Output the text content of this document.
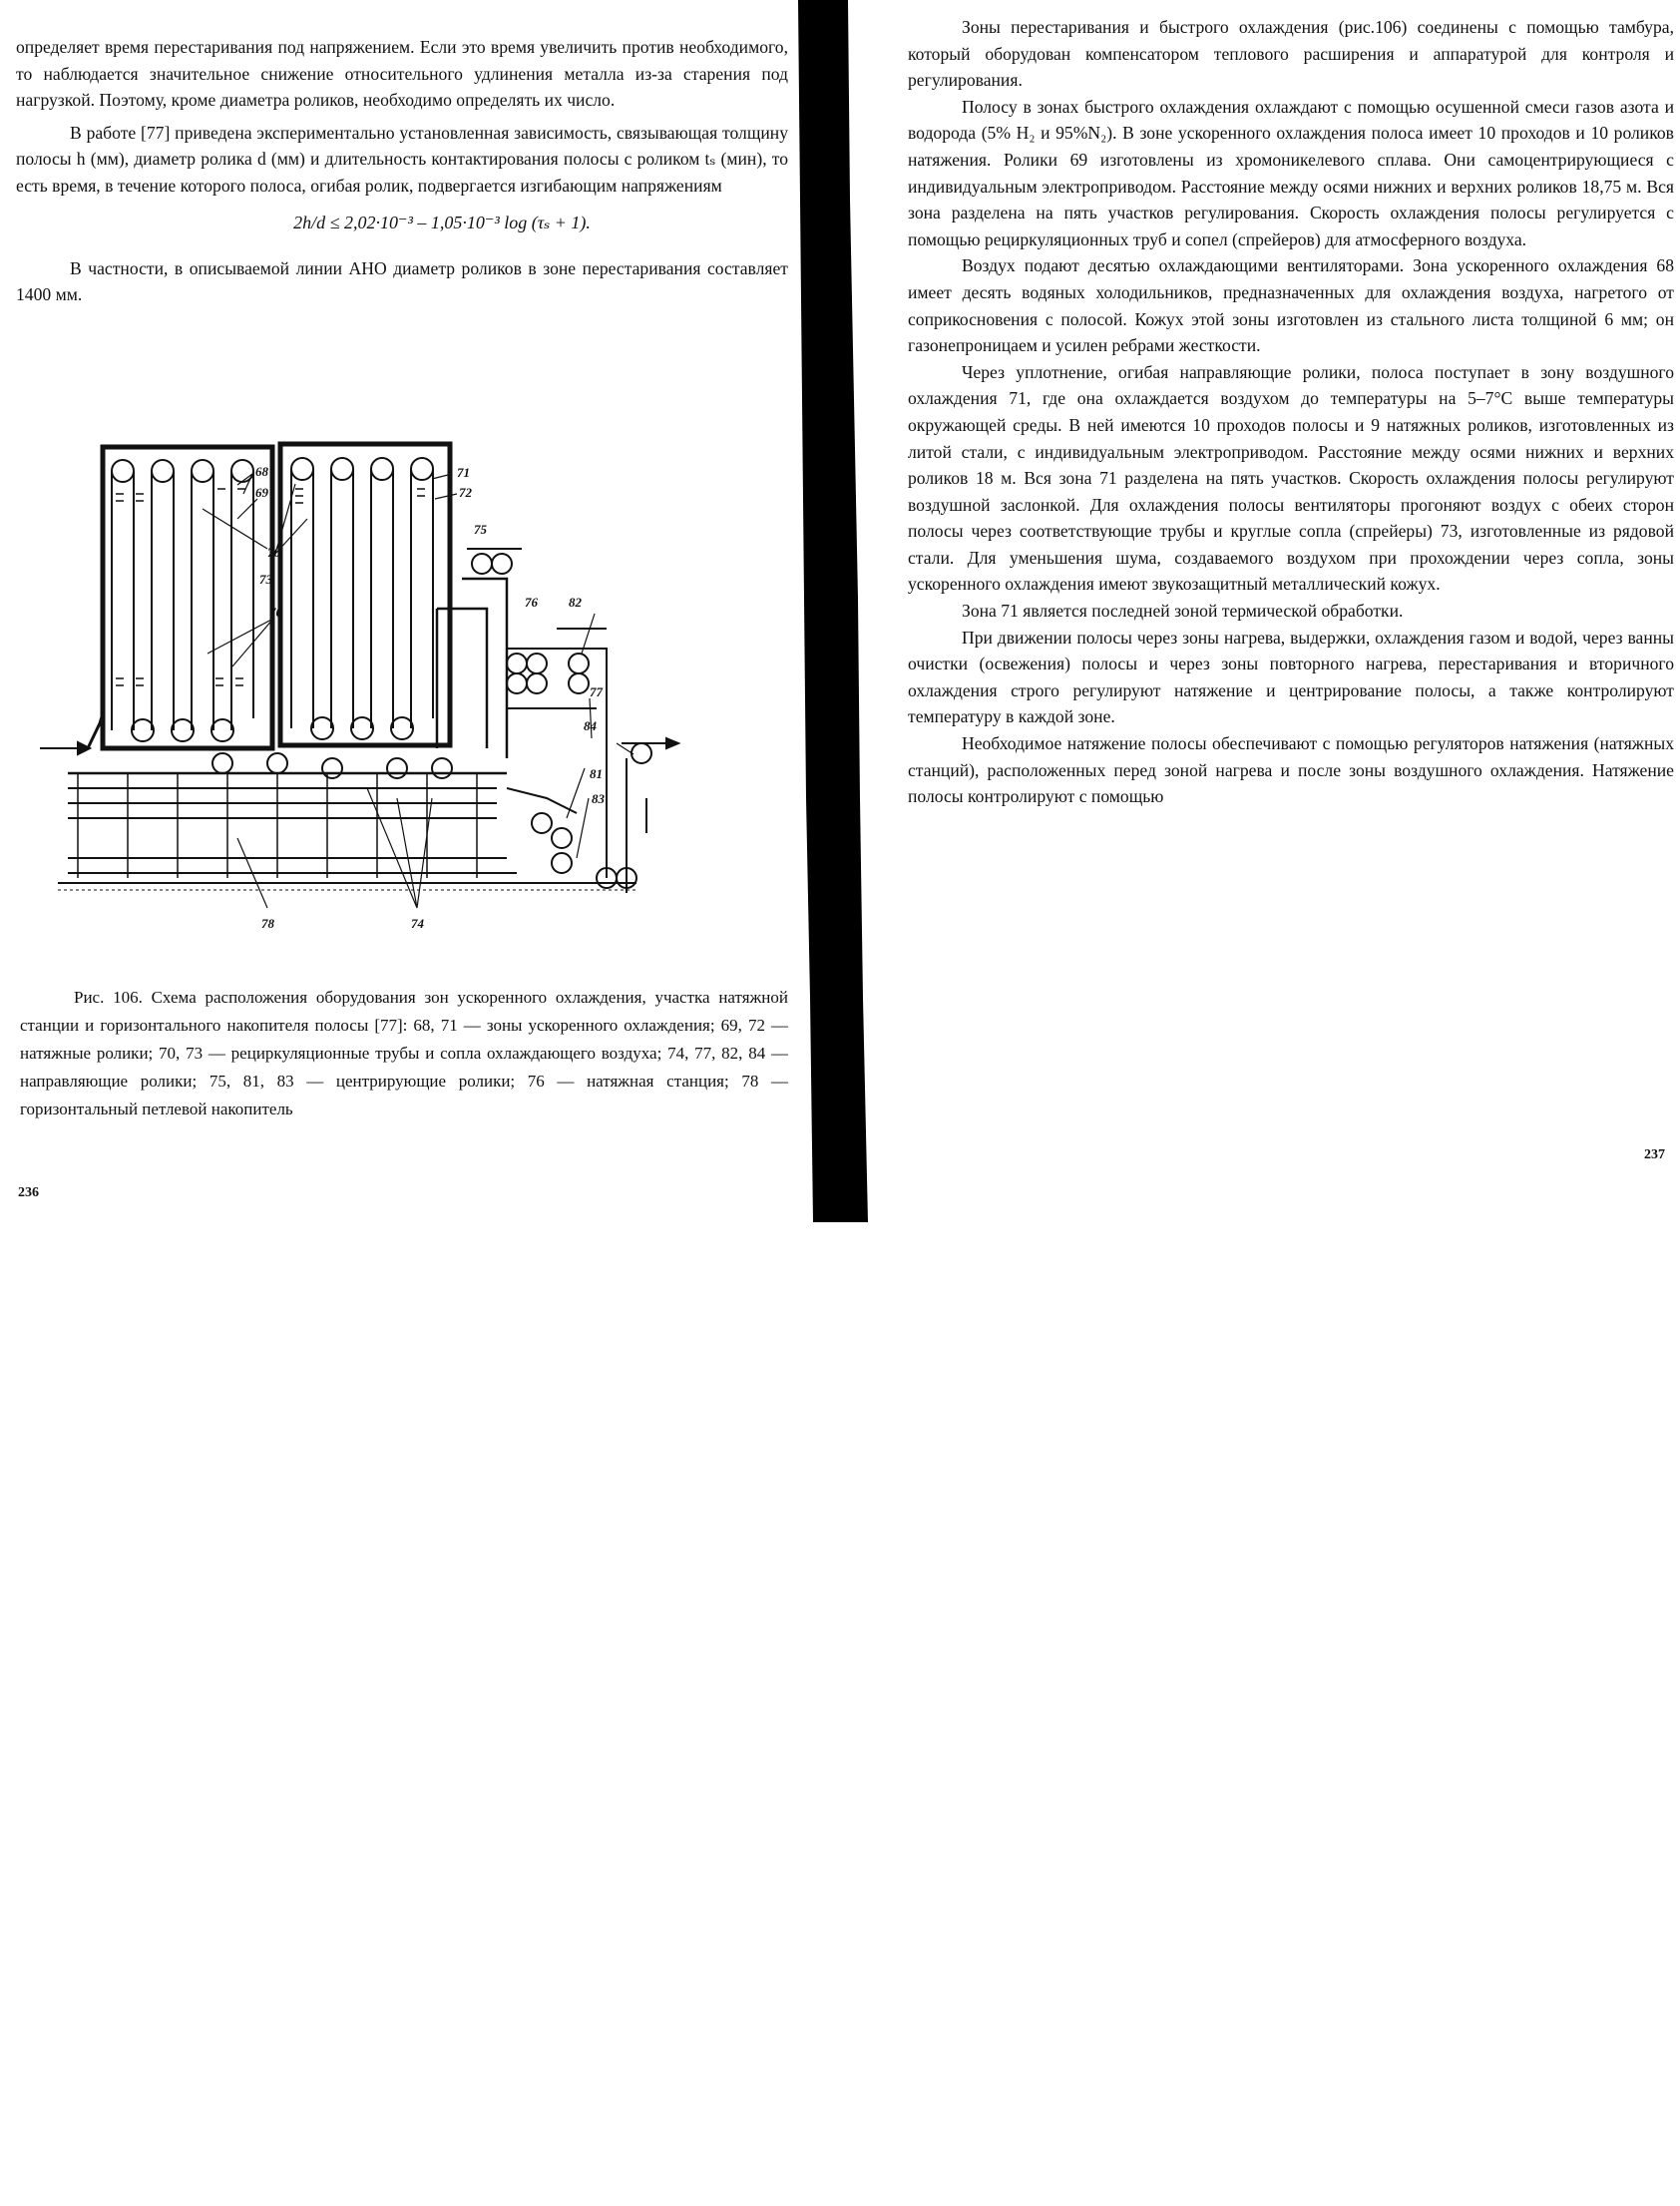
определяет время перестаривания под напряжением. Если это время увеличить против необходимого, то наблюдается значительное снижение относительного удлинения металла из-за старения под нагрузкой. Поэтому, кроме диаметра роликов, необходимо определять их число.

В работе [77] приведена экспериментально установленная зависимость, связывающая толщину полосы h (мм), диаметр ролика d (мм) и длительность контактирования полосы с роликом tₛ (мин), то есть время, в течение которого полоса, огибая ролик, подвергается изгибающим напряжениям

2h/d ≤ 2,02·10⁻³ – 1,05·10⁻³ log (τₛ + 1).

В частности, в описываемой линии АНО диаметр роликов в зоне перестаривания составляет 1400 мм.

68
69
70
70
71
72
73
75
76 82
77
84
81
83
78	74

Рис. 106. Схема расположения оборудования зон ускоренного охлаждения, участка натяжной станции и горизонтального накопителя полосы [77]: 68, 71 — зоны ускоренного охлаждения; 69, 72 — натяжные ролики; 70, 73 — рециркуляционные трубы и сопла охлаждающего воздуха; 74, 77, 82, 84 — направляющие ролики; 75, 81, 83 — центрирующие ролики; 76 — натяжная станция; 78 — горизонтальный петлевой накопитель

236

Зоны перестаривания и быстрого охлаждения (рис.106) соединены с помощью тамбура, который оборудован компенсатором теплового расширения и аппаратурой для контроля и регулирования.

Полосу в зонах быстрого охлаждения охлаждают с помощью осушенной смеси газов азота и водорода (5% H₂ и 95%N₂). В зоне ускоренного охлаждения полоса имеет 10 проходов и 10 роликов натяжения. Ролики 69 изготовлены из хромоникелевого сплава. Они самоцентрирующиеся с индивидуальным электроприводом. Расстояние между осями нижних и верхних роликов 18,75 м. Вся зона разделена на пять участков регулирования. Скорость охлаждения полосы регулируется с помощью рециркуляционных труб и сопел (спрейеров) для атмосферного воздуха.

Воздух подают десятью охлаждающими вентиляторами. Зона ускоренного охлаждения 68 имеет десять водяных холодильников, предназначенных для охлаждения воздуха, нагретого от соприкосновения с полосой. Кожух этой зоны изготовлен из стального листа толщиной 6 мм; он газонепроницаем и усилен ребрами жесткости.

Через уплотнение, огибая направляющие ролики, полоса поступает в зону воздушного охлаждения 71, где она охлаждается воздухом до температуры на 5–7°С выше температуры окружающей среды. В ней имеются 10 проходов полосы и 9 натяжных роликов, изготовленных из литой стали, с индивидуальным электроприводом. Расстояние между осями нижних и верхних роликов 18 м. Вся зона 71 разделена на пять участков. Скорость охлаждения полосы регулируют воздушной заслонкой. Для охлаждения полосы вентиляторы прогоняют воздух с обеих сторон полосы через соответствующие трубы и круглые сопла (спрейеры) 73, изготовленные из рядовой стали. Для уменьшения шума, создаваемого воздухом при прохождении через сопла, зоны ускоренного охлаждения имеют звукозащитный металлический кожух.

Зона 71 является последней зоной термической обработки.

При движении полосы через зоны нагрева, выдержки, охлаждения газом и водой, через ванны очистки (освежения) полосы и через зоны повторного нагрева, перестаривания и вторичного охлаждения строго регулируют натяжение и центрирование полосы, а также контролируют температуру в каждой зоне.

Необходимое натяжение полосы обеспечивают с помощью регуляторов натяжения (натяжных станций), расположенных перед зоной нагрева и после зоны воздушного охлаждения. Натяжение полосы контролируют с помощью

237
